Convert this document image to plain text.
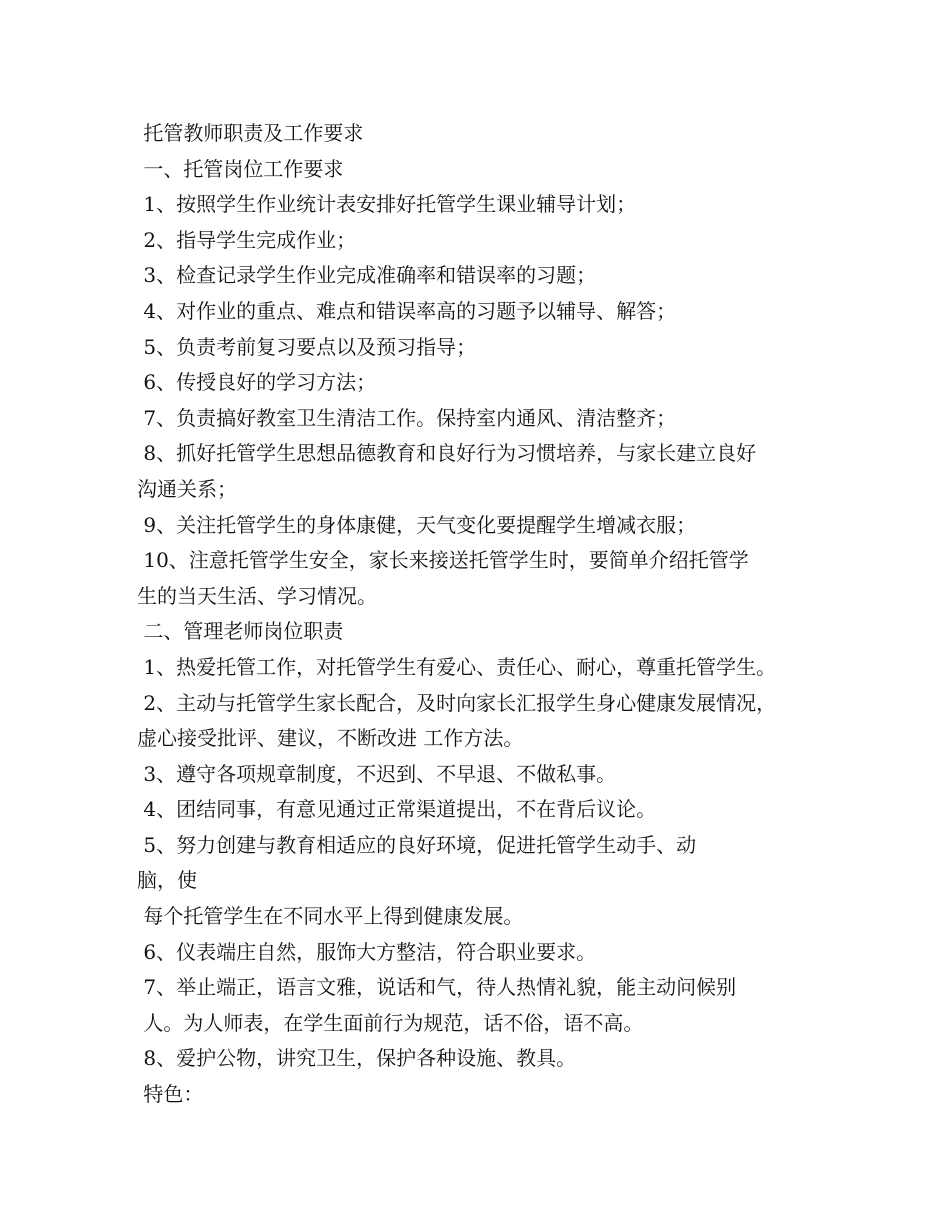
托管教师职责及工作要求

一、托管岗位工作要求

1、按照学生作业统计表安排好托管学生课业辅导计划；

2、指导学生完成作业；

3、检查记录学生作业完成准确率和错误率的习题；

4、对作业的重点、难点和错误率高的习题予以辅导、解答；

5、负责考前复习要点以及预习指导；

6、传授良好的学习方法；

7、负责搞好教室卫生清洁工作。保持室内通风、清洁整齐；

8、抓好托管学生思想品德教育和良好行为习惯培养，与家长建立良好

沟通关系；

9、关注托管学生的身体康健，天气变化要提醒学生增减衣服；

10、注意托管学生安全，家长来接送托管学生时，要简单介绍托管学

生的当天生活、学习情况。

二、管理老师岗位职责

1、热爱托管工作，对托管学生有爱心、责任心、耐心，尊重托管学生。

2、主动与托管学生家长配合，及时向家长汇报学生身心健康发展情况，

虚心接受批评、建议，不断改进 工作方法。

3、遵守各项规章制度，不迟到、不早退、不做私事。

4、团结同事，有意见通过正常渠道提出，不在背后议论。

5、努力创建与教育相适应的良好环境，促进托管学生动手、动

脑，使

每个托管学生在不同水平上得到健康发展。

6、仪表端庄自然，服饰大方整洁，符合职业要求。

7、举止端正，语言文雅，说话和气，待人热情礼貌，能主动问候别

人。为人师表，在学生面前行为规范，话不俗，语不高。

8、爱护公物，讲究卫生，保护各种设施、教具。

特色：
